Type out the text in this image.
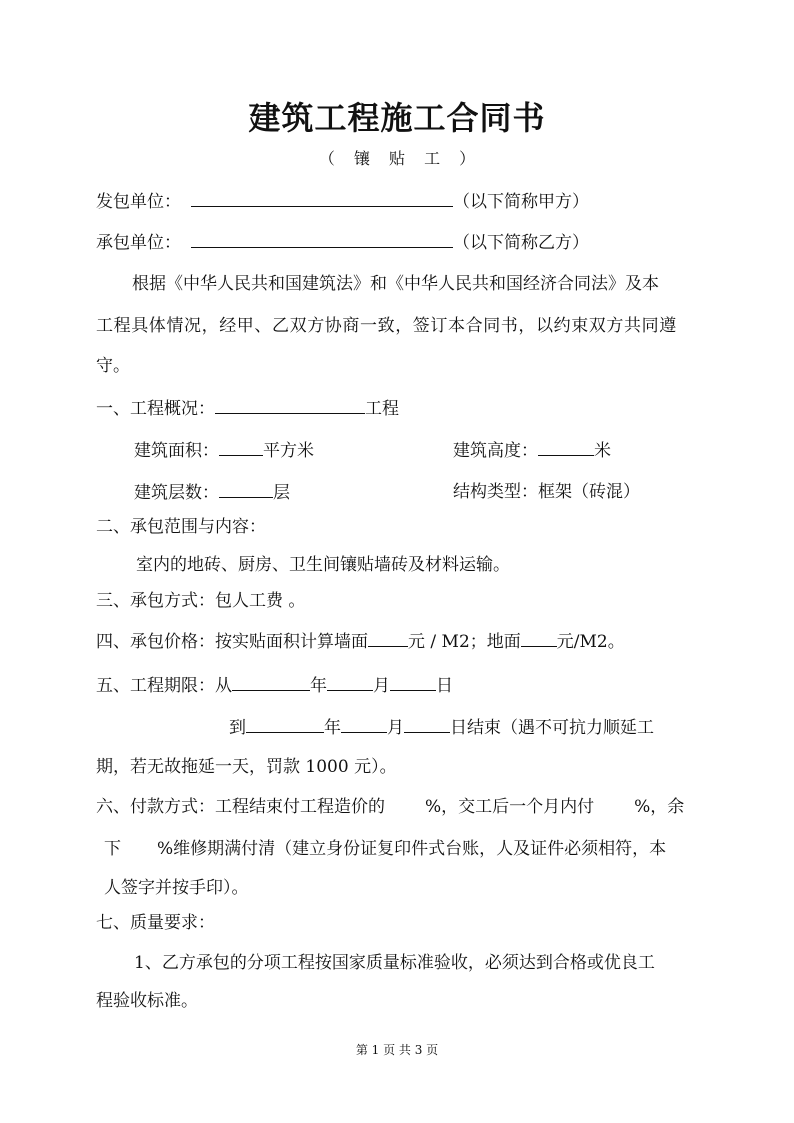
建筑工程施工合同书
（ 镶 贴 工 ）
发包单位：	（以下简称甲方）
承包单位：	（以下简称乙方）
根据《中华人民共和国建筑法》和《中华人民共和国经济合同法》及本
工程具体情况，经甲、乙双方协商一致，签订本合同书，以约束双方共同遵
守。
一、工程概况：	工程
建筑面积：	平方米	建筑高度：	米
建筑层数：	层	结构类型：框架（砖混）
二、承包范围与内容：
室内的地砖、厨房、卫生间镶贴墙砖及材料运输。
三、承包方式：包人工费 。
四、承包价格：按实贴面积计算墙面 元 / M2；地面 元/M2。
五、工程期限：从	年	月	日
到	年	月	日结束（遇不可抗力顺延工
期，若无故拖延一天，罚款 1000 元）。
六、付款方式：工程结束付工程造价的 %，交工后一个月内付 %，余
下 %维修期满付清（建立身份证复印件式台账，人及证件必须相符，本
人签字并按手印）。
七、质量要求：
1、乙方承包的分项工程按国家质量标准验收，必须达到合格或优良工
程验收标准。
第 1 页 共 3 页
